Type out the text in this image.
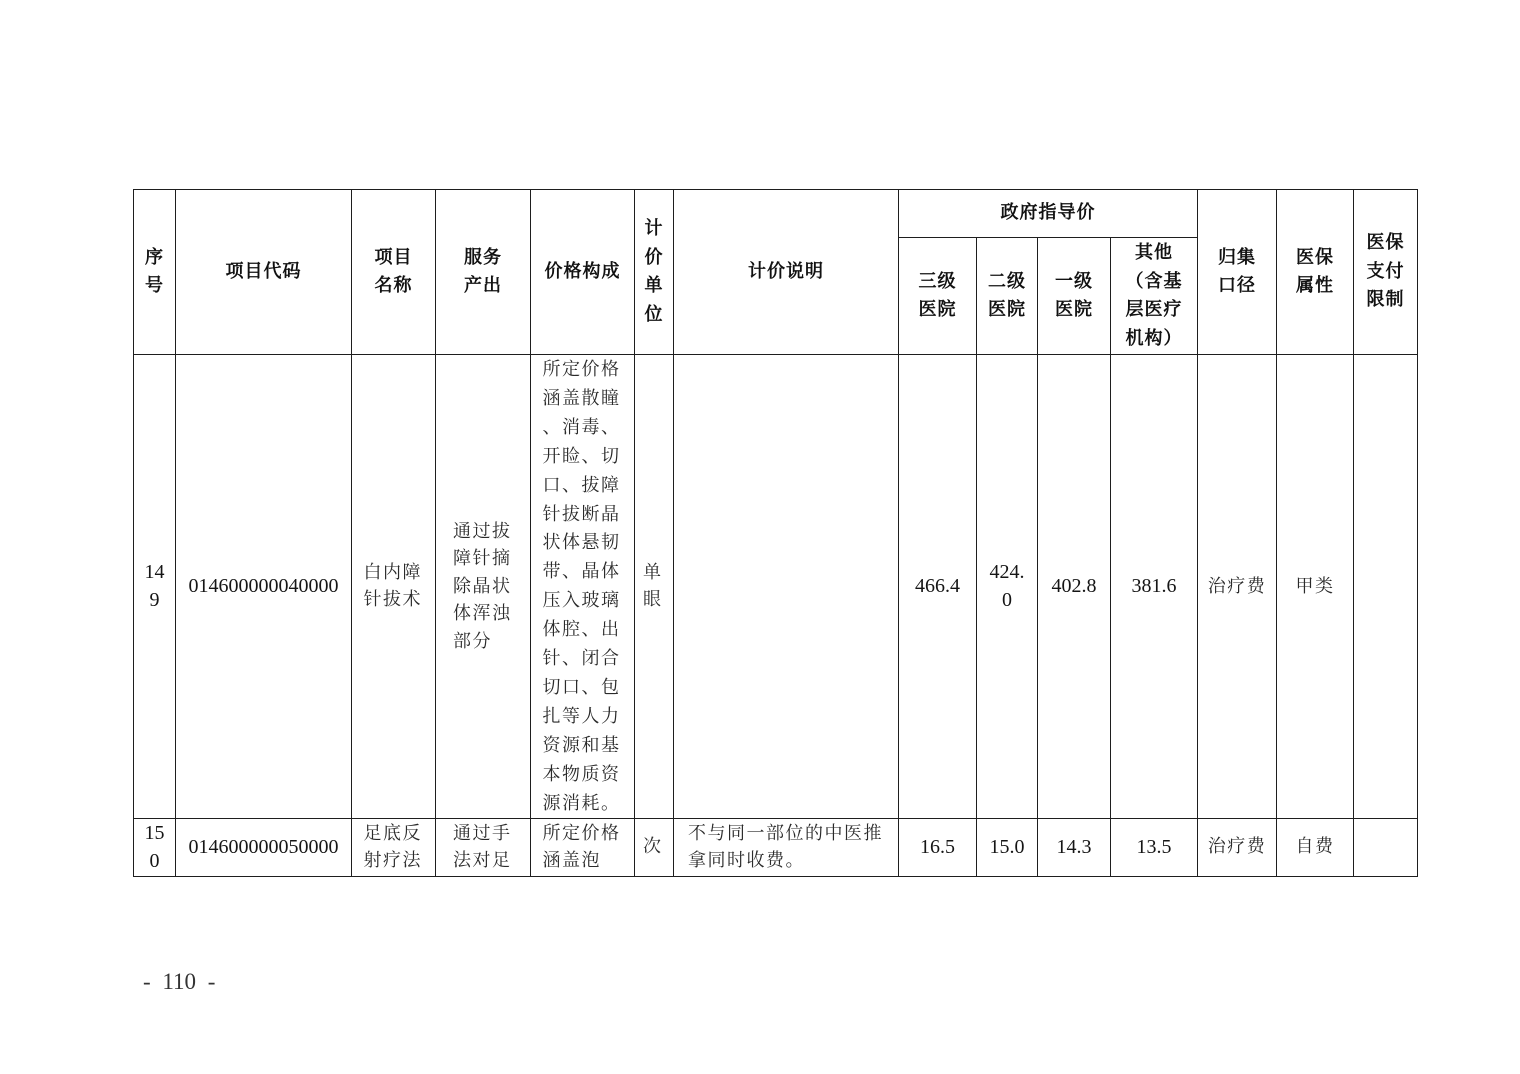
序号	项目代码	项目名称	服务产出	价格构成	计价单位	计价说明	政府指导价				归集口径	医保属性	医保支付限制
							三级医院	二级医院	一级医院	其他（含基层医疗机构）			
149	014600000040000	白内障针拔术	通过拔障针摘除晶状体浑浊部分	所定价格涵盖散瞳、消毒、开睑、切口、拔障针拔断晶状体悬韧带、晶体压入玻璃体腔、出针、闭合切口、包扎等人力资源和基本物质资源消耗。	单眼		466.4	424.0	402.8	381.6	治疗费	甲类	
150	014600000050000	足底反射疗法	通过手法对足	所定价格涵盖泡	次	不与同一部位的中医推拿同时收费。	16.5	15.0	14.3	13.5	治疗费	自费	
- 110 -
